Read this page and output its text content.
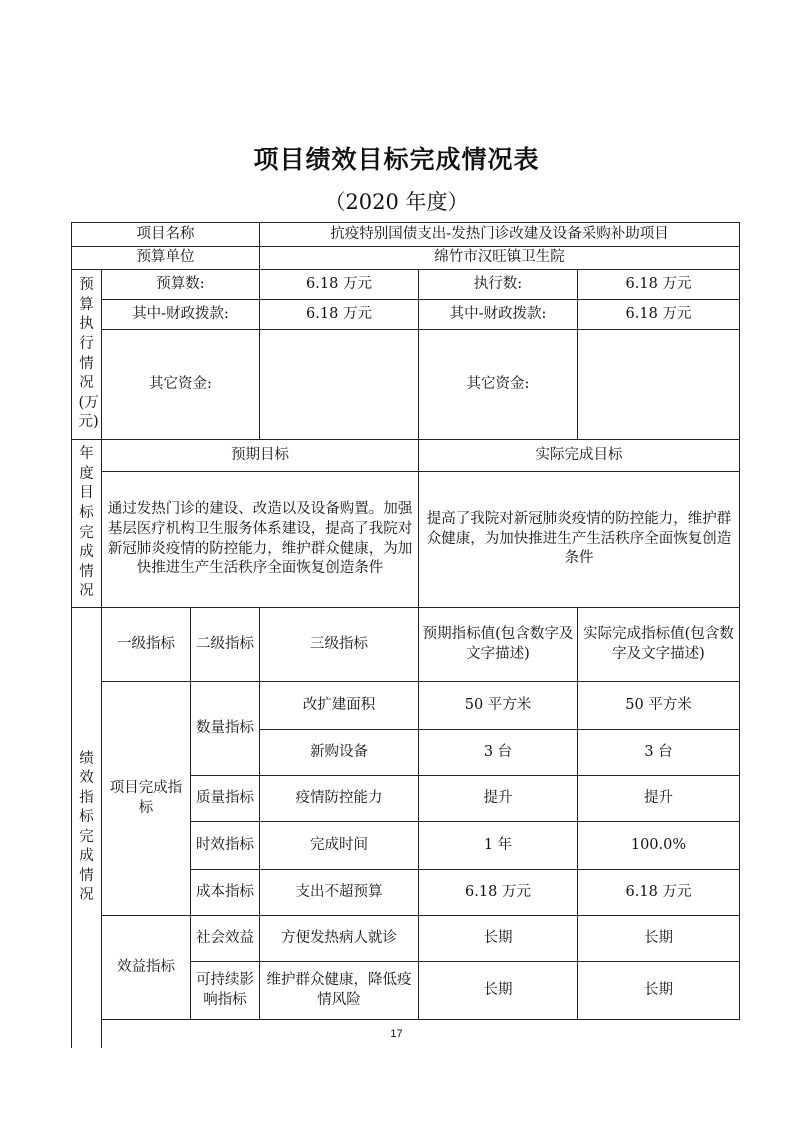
项目绩效目标完成情况表
（2020 年度）
项目名称			抗疫特别国债支出-发热门诊改建及设备采购补助项目		
预算单位			绵竹市汉旺镇卫生院		

预算执行情况(万元)	预算数:		6.18 万元	执行数:	6.18 万元
	其中-财政拨款:		6.18 万元	其中-财政拨款:	6.18 万元
	其它资金:			其它资金:	

年度目标完成情况	预期目标			实际完成目标	
	通过发热门诊的建设、改造以及设备购置。加强基层医疗机构卫生服务体系建设，提高了我院对新冠肺炎疫情的防控能力，维护群众健康，为加快推进生产生活秩序全面恢复创造条件			提高了我院对新冠肺炎疫情的防控能力，维护群众健康，为加快推进生产生活秩序全面恢复创造条件	

绩效指标完成情况	一级指标	二级指标	三级指标	预期指标值(包含数字及文字描述)	实际完成指标值(包含数字及文字描述)
	项目完成指标	数量指标	改扩建面积	50 平方米	50 平方米
			新购设备	3 台	3 台
		质量指标	疫情防控能力	提升	提升
		时效指标	完成时间	1 年	100.0%
		成本指标	支出不超预算	6.18 万元	6.18 万元
	效益指标	社会效益	方便发热病人就诊	长期	长期
		可持续影响指标	维护群众健康，降低疫情风险	长期	长期

17
